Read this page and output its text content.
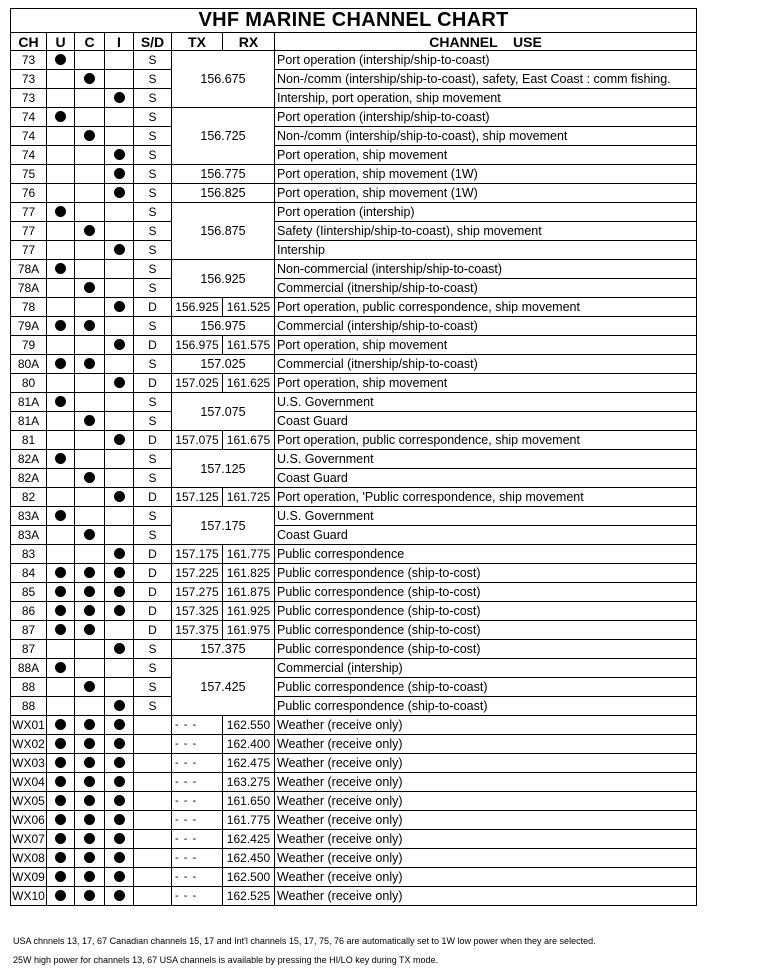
VHF MARINE CHANNEL CHART							
CH	U	C	I	S/D	TX	RX	CHANNEL    USE
73				S	156.675		Port operation (intership/ship-to-coast)
73				S			Non-/comm (intership/ship-to-coast), safety, East Coast : comm fishing.
73				S			Intership, port operation, ship movement
74				S	156.725		Port operation (intership/ship-to-coast)
74				S			Non-/comm (intership/ship-to-coast), ship movement
74				S			Port operation, ship movement
75				S	156.775		Port operation, ship movement (1W)
76				S	156.825		Port operation, ship movement (1W)
77				S	156.875		Port operation (intership)
77				S			Safety (Iintership/ship-to-coast), ship movement
77				S			Intership
78A				S	156.925		Non-commercial (intership/ship-to-coast)
78A				S			Commercial (itnership/ship-to-coast)
78				D	156.925	161.525	Port operation, public correspondence, ship movement
79A				S	156.975		Commercial (intership/ship-to-coast)
79				D	156.975	161.575	Port operation, ship movement
80A				S	157.025		Commercial (itnership/ship-to-coast)
80				D	157.025	161.625	Port operation, ship movement
81A				S	157.075		U.S. Government
81A				S			Coast Guard
81				D	157.075	161.675	Port operation, public correspondence, ship movement
82A				S	157.125		U.S. Government
82A				S			Coast Guard
82				D	157.125	161.725	Port operation, 'Public correspondence, ship movement
83A				S	157.175		U.S. Government
83A				S			Coast Guard
83				D	157.175	161.775	Public correspondence
84				D	157.225	161.825	Public correspondence (ship-to-cost)
85				D	157.275	161.875	Public correspondence (ship-to-cost)
86				D	157.325	161.925	Public correspondence (ship-to-cost)
87				D	157.375	161.975	Public correspondence (ship-to-cost)
87				S	157.375		Public correspondence (ship-to-cost)
88A				S	157.425		Commercial (intership)
88				S			Public correspondence (ship-to-coast)
88				S			Public correspondence (ship-to-coast)
WX01					- - -	162.550	Weather (receive only)
WX02					- - -	162.400	Weather (receive only)
WX03					- - -	162.475	Weather (receive only)
WX04					- - -	163.275	Weather (receive only)
WX05					- - -	161.650	Weather (receive only)
WX06					- - -	161.775	Weather (receive only)
WX07					- - -	162.425	Weather (receive only)
WX08					- - -	162.450	Weather (receive only)
WX09					- - -	162.500	Weather (receive only)
WX10					- - -	162.525	Weather (receive only)
USA chnnels 13, 17, 67 Canadian channels 15, 17 and Int'l channels 15, 17, 75, 76 are automatically set to 1W low power when they are selected.
25W high power for channels 13, 67 USA channels is available by pressing the HI/LO key during TX mode.
